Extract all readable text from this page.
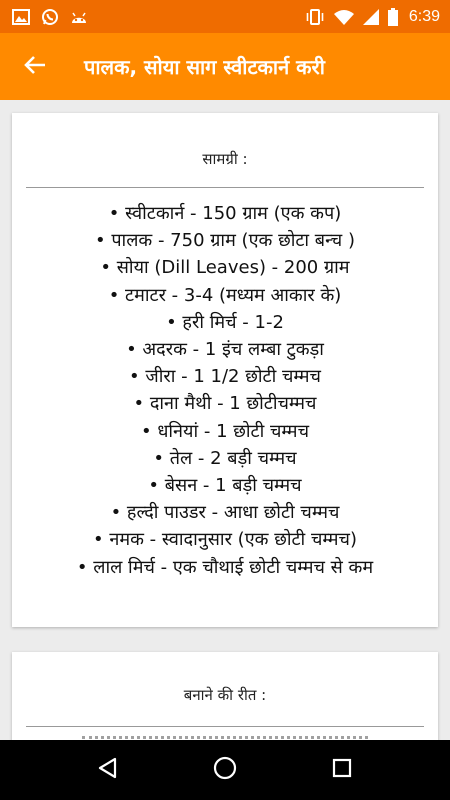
6:39
पालक, सोया साग स्वीटकार्न करी
सामग्री :
• स्वीटकार्न - 150 ग्राम (एक कप)
• पालक - 750 ग्राम (एक छोटा बन्च )
• सोया (Dill Leaves) - 200 ग्राम
• टमाटर - 3-4 (मध्यम आकार के)
• हरी मिर्च - 1-2
• अदरक - 1 इंच लम्बा टुकड़ा
• जीरा - 1 1/2 छोटी चम्मच
• दाना मैथी - 1 छोटीचम्मच
• धनियां - 1 छोटी चम्मच
• तेल - 2 बड़ी चम्मच
• बेसन - 1 बड़ी चम्मच
• हल्दी पाउडर - आधा छोटी चम्मच
• नमक - स्वादानुसार (एक छोटी चम्मच)
• लाल मिर्च - एक चौथाई छोटी चम्मच से कम
बनाने की रीत :
